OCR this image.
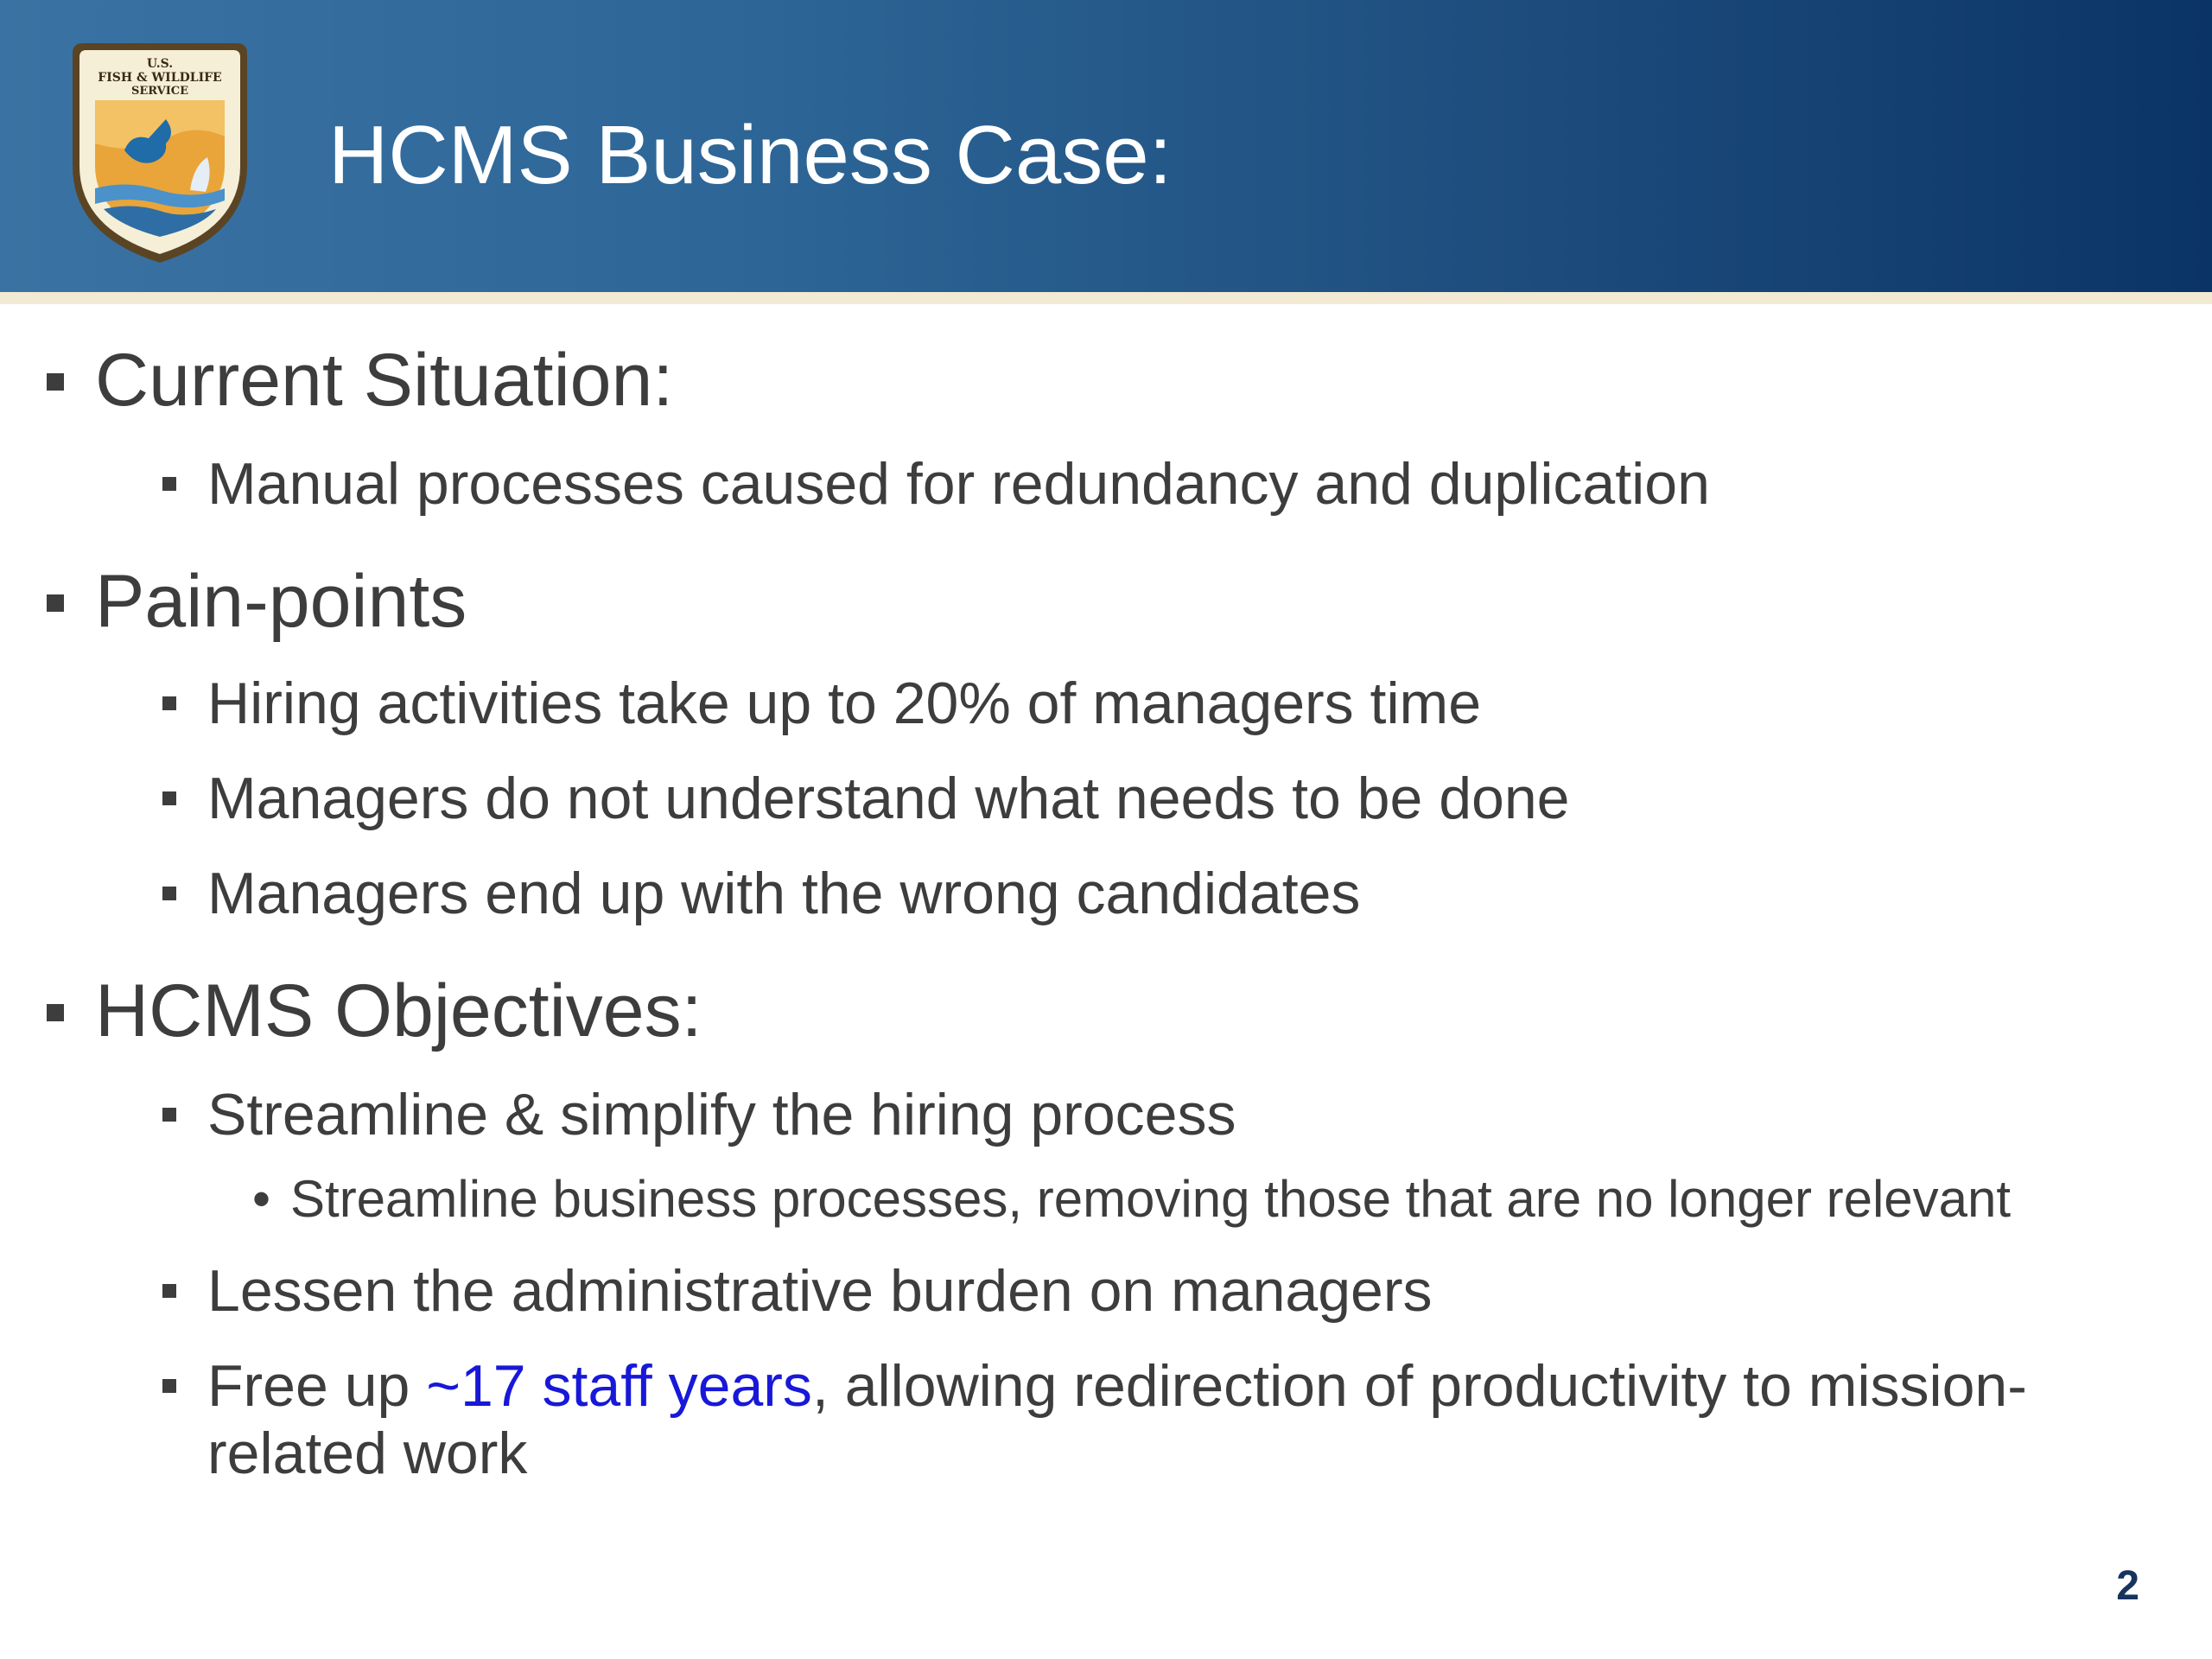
U.S.
FISH & WILDLIFE
SERVICE
HCMS Business Case:
Current Situation:
Manual processes caused for redundancy and duplication
Pain-points
Hiring activities take up to 20% of managers time
Managers do not understand what needs to be done
Managers end up with the wrong candidates
HCMS Objectives:
Streamline & simplify the hiring process
• Streamline business processes, removing those that are no longer relevant
Lessen the administrative burden on managers
Free up ~17 staff years, allowing redirection of productivity to mission-
related work
2
